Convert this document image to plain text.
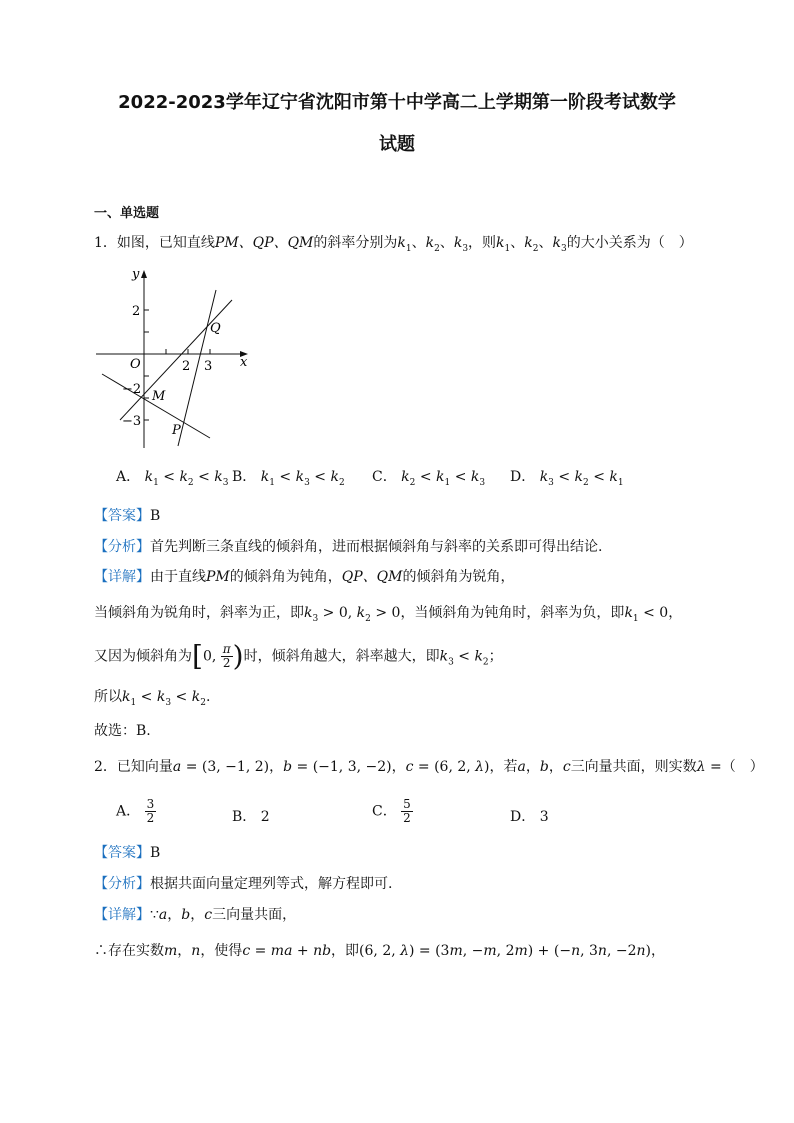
2022-2023学年辽宁省沈阳市第十中学高二上学期第一阶段考试数学
试题
一、单选题
1．如图，已知直线PM、QP、QM的斜率分别为$k_1$、$k_2$、$k_3$，则$k_1$、$k_2$、$k_3$的大小关系为（　）
y
x
O	2 3
2
−2
−3
Q
M
P
A． $k_1 < k_2 < k_3$ B． $k_1 < k_3 < k_2$ C． $k_2 < k_1 < k_3$ D． $k_3 < k_2 < k_1$
【答案】B
【分析】首先判断三条直线的倾斜角，进而根据倾斜角与斜率的关系即可得出结论.
【详解】由于直线PM的倾斜角为钝角，QP、QM的倾斜角为锐角，
当倾斜角为锐角时，斜率为正，即$k_3 > 0$, $k_2 > 0$，当倾斜角为钝角时，斜率为负，即$k_1 < 0$，
又因为倾斜角为[0, $\frac{\pi}{2}$ )时，倾斜角越大，斜率越大，即$k_3 < k_2$；
所以$k_1 < k_3 < k_2$.
故选：B.
2．已知向量a = (3, −1, 2)，b = (−1, 3, −2)，c = (6, 2, λ)，若a，b，c三向量共面，则实数λ =（　）
A． $\frac{3}{2}$	B． 2	C． $\frac{5}{2}$	D． 3
【答案】B
【分析】根据共面向量定理列等式，解方程即可.
【详解】∵a，b，c三向量共面，
∴存在实数m，n，使得c = ma + nb，即(6, 2, λ) = (3m, −m, 2m) + (−n, 3n, −2n)，
